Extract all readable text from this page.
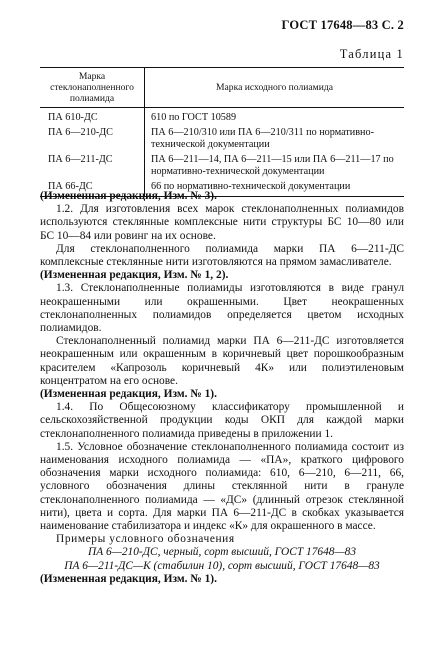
ГОСТ 17648—83 С. 2
Таблица 1
Марка стеклонаполненного полиамида	Марка исходного полиамида
ПА 610-ДС	610 по ГОСТ 10589
ПА 6—210-ДС	ПА 6—210/310 или ПА 6—210/311 по нормативно-технической документации
ПА 6—211-ДС	ПА 6—211—14, ПА 6—211—15 или ПА 6—211—17 по нормативно-технической документации
ПА 66-ДС	66 по нормативно-технической документации

(Измененная редакция, Изм. № 3).

1.2. Для изготовления всех марок стеклонаполненных полиамидов используются стеклянные комплексные нити структуры БС 10—80 или БС 10—84 или ровинг на их основе.

Для стеклонаполненного полиамида марки ПА 6—211-ДС комплексные стеклянные нити изготовляются на прямом замасливателе.

(Измененная редакция, Изм. № 1, 2).

1.3. Стеклонаполненные полиамиды изготовляются в виде гранул неокрашенными или окрашенными. Цвет неокрашенных стеклонаполненных полиамидов определяется цветом исходных полиамидов.

Стеклонаполненный полиамид марки ПА 6—211-ДС изготовляется неокрашенным или окрашенным в коричневый цвет порошкообразным красителем «Капрозоль коричневый 4К» или полиэтиленовым концентратом на его основе.

(Измененная редакция, Изм. № 1).

1.4. По Общесоюзному классификатору промышленной и сельскохозяйственной продукции коды ОКП для каждой марки стеклонаполненного полиамида приведены в приложении 1.

1.5. Условное обозначение стеклонаполненного полиамида состоит из наименования исходного полиамида — «ПА», краткого цифрового обозначения марки исходного полиамида: 610, 6—210, 6—211, 66, условного обозначения длины стеклянной нити в грануле стеклонаполненного полиамида — «ДС» (длинный отрезок стеклянной нити), цвета и сорта. Для марки ПА 6—211-ДС в скобках указывается наименование стабилизатора и индекс «К» для окрашенного в массе.

Примеры условного обозначения

ПА 6—210-ДС, черный, сорт высший, ГОСТ 17648—83

ПА 6—211-ДС—К (стабилин 10), сорт высший, ГОСТ 17648—83

(Измененная редакция, Изм. № 1).
